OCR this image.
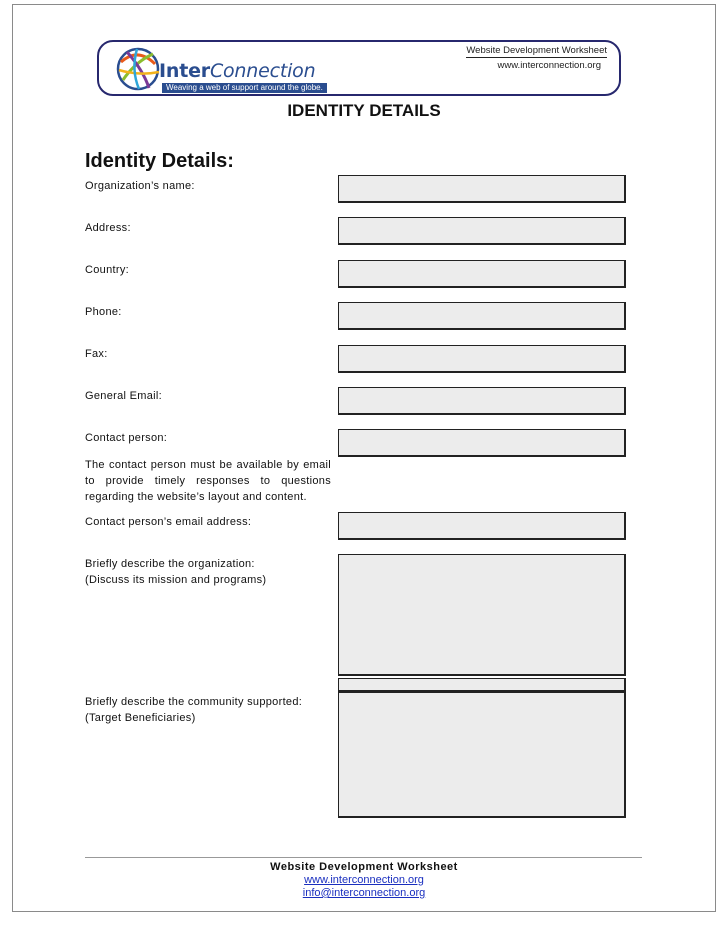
InterConnection
Weaving a web of support around the globe.
Website Development Worksheet
www.interconnection.org
IDENTITY DETAILS
Identity Details:
Organization’s name:
Address:
Country:
Phone:
Fax:
General Email:
Contact person:
The contact person must be available by email to provide timely responses to questions regarding the website’s layout and content.
Contact person’s email address:
Briefly describe the organization:
(Discuss its mission and programs)
Briefly describe the community supported:
(Target Beneficiaries)
Website Development Worksheet
www.interconnection.org
info@interconnection.org
